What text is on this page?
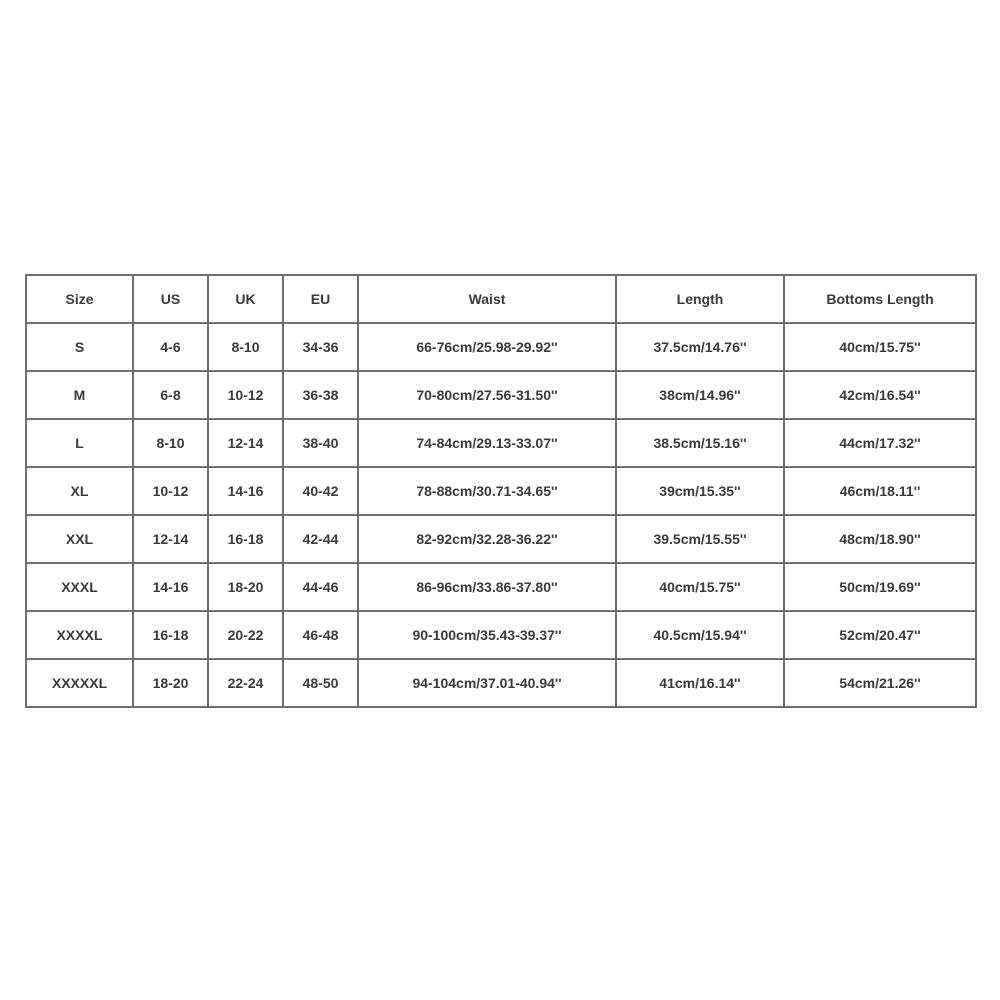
Size	US	UK	EU	Waist	Length	Bottoms Length
S	4-6	8-10	34-36	66-76cm/25.98-29.92''	37.5cm/14.76''	40cm/15.75''
M	6-8	10-12	36-38	70-80cm/27.56-31.50''	38cm/14.96''	42cm/16.54''
L	8-10	12-14	38-40	74-84cm/29.13-33.07''	38.5cm/15.16''	44cm/17.32''
XL	10-12	14-16	40-42	78-88cm/30.71-34.65''	39cm/15.35''	46cm/18.11''
XXL	12-14	16-18	42-44	82-92cm/32.28-36.22''	39.5cm/15.55''	48cm/18.90''
XXXL	14-16	18-20	44-46	86-96cm/33.86-37.80''	40cm/15.75''	50cm/19.69''
XXXXL	16-18	20-22	46-48	90-100cm/35.43-39.37''	40.5cm/15.94''	52cm/20.47''
XXXXXL	18-20	22-24	48-50	94-104cm/37.01-40.94''	41cm/16.14''	54cm/21.26''
